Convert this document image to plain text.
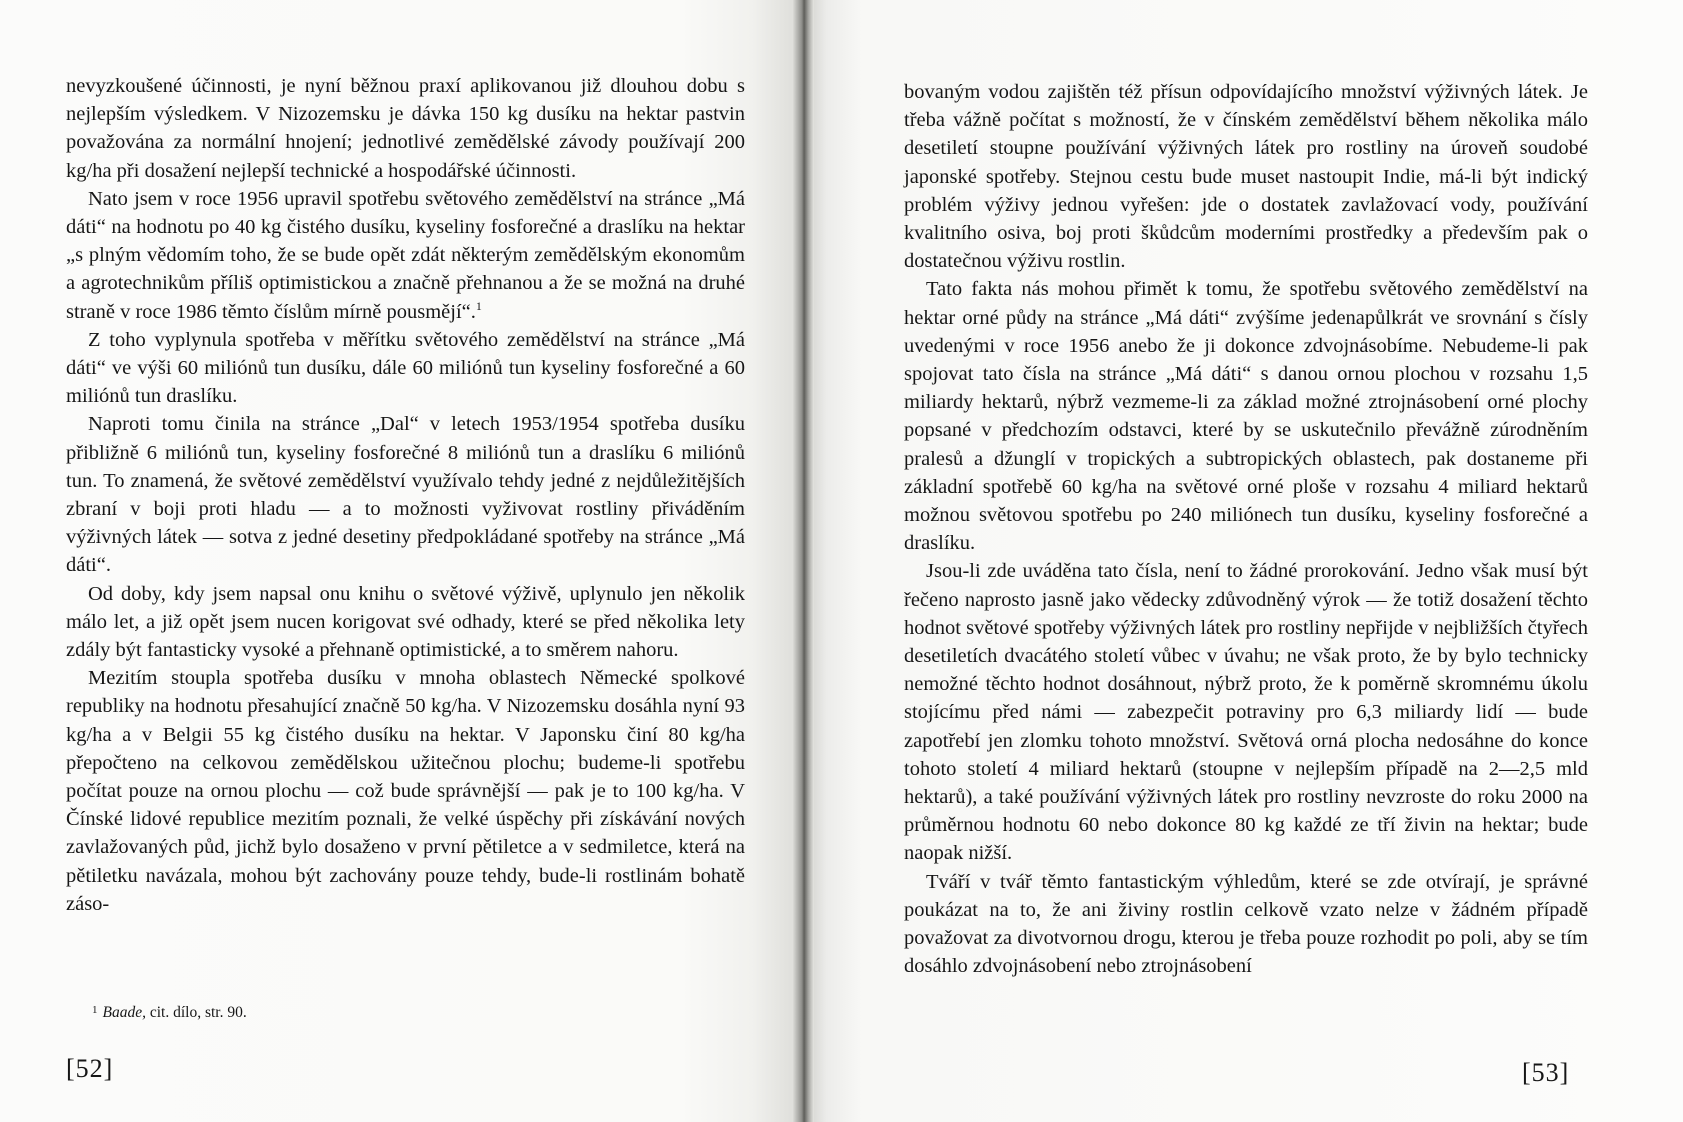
nevyzkoušené účinnosti, je nyní běžnou praxí aplikovanou již dlouhou dobu s nejlepším výsledkem. V Nizozemsku je dávka 150 kg dusíku na hektar pastvin považována za normální hnojení; jednotlivé zemědělské závody používají 200 kg/ha při dosažení nejlepší technické a hospodářské účinnosti.

Nato jsem v roce 1956 upravil spotřebu světového zemědělství na stránce „Má dáti“ na hodnotu po 40 kg čistého dusíku, kyseliny fosforečné a draslíku na hektar „s plným vědomím toho, že se bude opět zdát některým zemědělským ekonomům a agrotechnikům příliš optimistickou a značně přehnanou a že se možná na druhé straně v roce 1986 těmto číslům mírně pousmějí“.$^1$

Z toho vyplynula spotřeba v měřítku světového zemědělství na stránce „Má dáti“ ve výši 60 miliónů tun dusíku, dále 60 miliónů tun kyseliny fosforečné a 60 miliónů tun draslíku.

Naproti tomu činila na stránce „Dal“ v letech 1953/1954 spotřeba dusíku přibližně 6 miliónů tun, kyseliny fosforečné 8 miliónů tun a draslíku 6 miliónů tun. To znamená, že světové zemědělství využívalo tehdy jedné z nejdůležitějších zbraní v boji proti hladu — a to možnosti vyživovat rostliny přiváděním výživných látek — sotva z jedné desetiny předpokládané spotřeby na stránce „Má dáti“.

Od doby, kdy jsem napsal onu knihu o světové výživě, uplynulo jen několik málo let, a již opět jsem nucen korigovat své odhady, které se před několika lety zdály být fantasticky vysoké a přehnaně optimistické, a to směrem nahoru.

Mezitím stoupla spotřeba dusíku v mnoha oblastech Německé spolkové republiky na hodnotu přesahující značně 50 kg/ha. V Nizozemsku dosáhla nyní 93 kg/ha a v Belgii 55 kg čistého dusíku na hektar. V Japonsku činí 80 kg/ha přepočteno na celkovou zemědělskou užitečnou plochu; budeme-li spotřebu počítat pouze na ornou plochu — což bude správnější — pak je to 100 kg/ha. V Čínské lidové republice mezitím poznali, že velké úspěchy při získávání nových zavlažovaných půd, jichž bylo dosaženo v první pětiletce a v sedmiletce, která na pětiletku navázala, mohou být zachovány pouze tehdy, bude-li rostlinám bohatě záso-

$^1$ Baade, cit. dílo, str. 90.
[52]

bovaným vodou zajištěn též přísun odpovídajícího množství výživných látek. Je třeba vážně počítat s možností, že v čínském zemědělství během několika málo desetiletí stoupne používání výživných látek pro rostliny na úroveň soudobé japonské spotřeby. Stejnou cestu bude muset nastoupit Indie, má-li být indický problém výživy jednou vyřešen: jde o dostatek zavlažovací vody, používání kvalitního osiva, boj proti škůdcům moderními prostředky a především pak o dostatečnou výživu rostlin.

Tato fakta nás mohou přimět k tomu, že spotřebu světového zemědělství na hektar orné půdy na stránce „Má dáti“ zvýšíme jedenapůlkrát ve srovnání s čísly uvedenými v roce 1956 anebo že ji dokonce zdvojnásobíme. Nebudeme-li pak spojovat tato čísla na stránce „Má dáti“ s danou ornou plochou v rozsahu 1,5 miliardy hektarů, nýbrž vezmeme-li za základ možné ztrojnásobení orné plochy popsané v předchozím odstavci, které by se uskutečnilo převážně zúrodněním pralesů a džunglí v tropických a subtropických oblastech, pak dostaneme při základní spotřebě 60 kg/ha na světové orné ploše v rozsahu 4 miliard hektarů možnou světovou spotřebu po 240 miliónech tun dusíku, kyseliny fosforečné a draslíku.

Jsou-li zde uváděna tato čísla, není to žádné prorokování. Jedno však musí být řečeno naprosto jasně jako vědecky zdůvodněný výrok — že totiž dosažení těchto hodnot světové spotřeby výživných látek pro rostliny nepřijde v nejbližších čtyřech desetiletích dvacátého století vůbec v úvahu; ne však proto, že by bylo technicky nemožné těchto hodnot dosáhnout, nýbrž proto, že k poměrně skromnému úkolu stojícímu před námi — zabezpečit potraviny pro 6,3 miliardy lidí — bude zapotřebí jen zlomku tohoto množství. Světová orná plocha nedosáhne do konce tohoto století 4 miliard hektarů (stoupne v nejlepším případě na 2—2,5 mld hektarů), a také používání výživných látek pro rostliny nevzroste do roku 2000 na průměrnou hodnotu 60 nebo dokonce 80 kg každé ze tří živin na hektar; bude naopak nižší.

Tváří v tvář těmto fantastickým výhledům, které se zde otvírají, je správné poukázat na to, že ani živiny rostlin celkově vzato nelze v žádném případě považovat za divotvornou drogu, kterou je třeba pouze rozhodit po poli, aby se tím dosáhlo zdvojnásobení nebo ztrojnásobení

[53]
